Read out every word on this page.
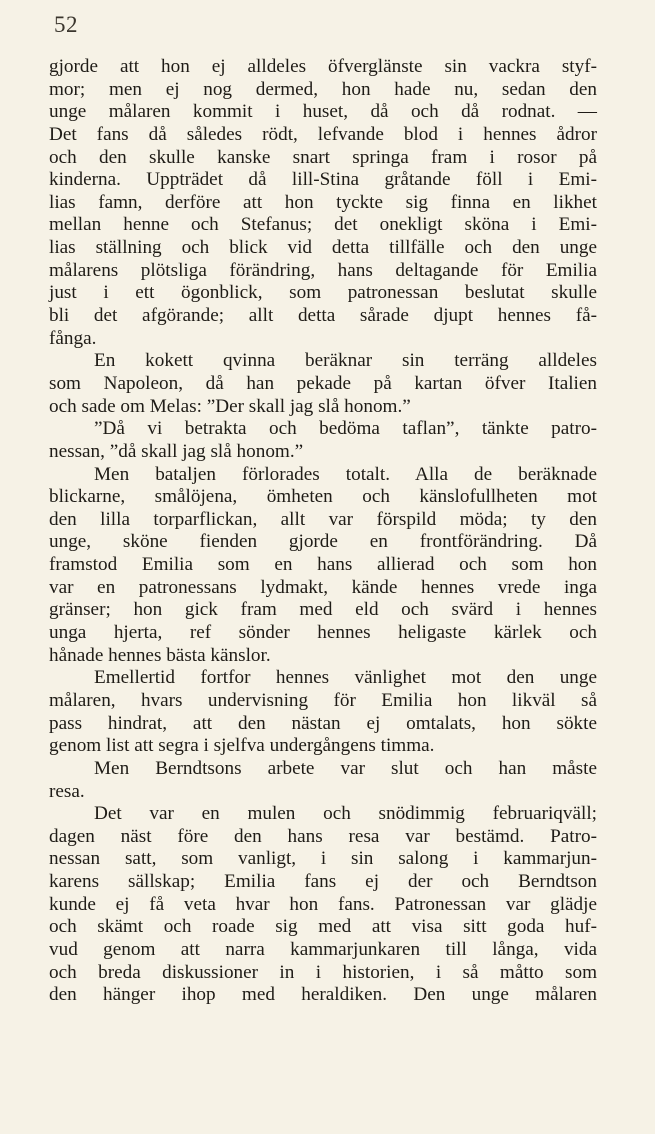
52
gjorde att hon ej alldeles öfverglänste sin vackra styf-
mor; men ej nog dermed, hon hade nu, sedan den
unge målaren kommit i huset, då och då rodnat. —
Det fans då således rödt, lefvande blod i hennes ådror
och den skulle kanske snart springa fram i rosor på
kinderna. Uppträdet då lill-Stina gråtande föll i Emi-
lias famn, derföre att hon tyckte sig finna en likhet
mellan henne och Stefanus; det onekligt sköna i Emi-
lias ställning och blick vid detta tillfälle och den unge
målarens plötsliga förändring, hans deltagande för Emilia
just i ett ögonblick, som patronessan beslutat skulle
bli det afgörande; allt detta sårade djupt hennes få-
fånga.
En kokett qvinna beräknar sin terräng alldeles
som Napoleon, då han pekade på kartan öfver Italien
och sade om Melas: ”Der skall jag slå honom.”
”Då vi betrakta och bedöma taflan”, tänkte patro-
nessan, ”då skall jag slå honom.”
Men bataljen förlorades totalt. Alla de beräknade
blickarne, smålöjena, ömheten och känslofullheten mot
den lilla torparflickan, allt var förspild möda; ty den
unge, sköne fienden gjorde en frontförändring. Då
framstod Emilia som en hans allierad och som hon
var en patronessans lydmakt, kände hennes vrede inga
gränser; hon gick fram med eld och svärd i hennes
unga hjerta, ref sönder hennes heligaste kärlek och
hånade hennes bästa känslor.
Emellertid fortfor hennes vänlighet mot den unge
målaren, hvars undervisning för Emilia hon likväl så
pass hindrat, att den nästan ej omtalats, hon sökte
genom list att segra i sjelfva undergångens timma.
Men Berndtsons arbete var slut och han måste
resa.
Det var en mulen och snödimmig februariqväll;
dagen näst före den hans resa var bestämd. Patro-
nessan satt, som vanligt, i sin salong i kammarjun-
karens sällskap; Emilia fans ej der och Berndtson
kunde ej få veta hvar hon fans. Patronessan var glädje
och skämt och roade sig med att visa sitt goda huf-
vud genom att narra kammarjunkaren till långa, vida
och breda diskussioner in i historien, i så måtto som
den hänger ihop med heraldiken. Den unge målaren
